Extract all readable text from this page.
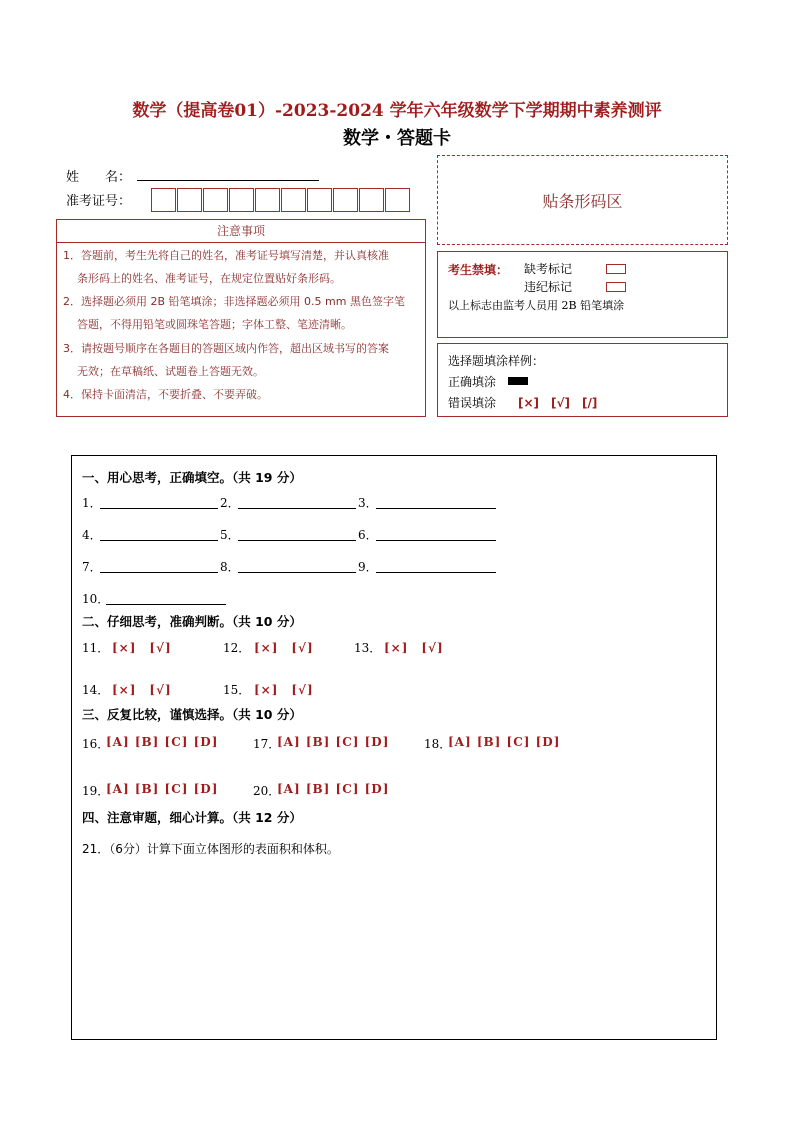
数学（提高卷01）-2023-2024 学年六年级数学下学期期中素养测评
数学・答题卡
姓　　名：
准考证号：	贴条形码区
注意事项
1．答题前，考生先将自己的姓名，准考证号填写清楚，并认真核准
条形码上的姓名、准考证号，在规定位置贴好条形码。
2．选择题必须用 2B 铅笔填涂；非选择题必须用 0.5 mm 黑色签字笔
答题，不得用铅笔或圆珠笔答题；字体工整、笔迹清晰。
3．请按题号顺序在各题目的答题区域内作答，超出区域书写的答案
无效；在草稿纸、试题卷上答题无效。
4．保持卡面清洁，不要折叠、不要弄破。
考生禁填： 缺考标记
违纪标记
以上标志由监考人员用 2B 铅笔填涂
选择题填涂样例：
正确填涂
错误填涂 [×]　[√]　[/]
一、用心思考，正确填空。（共 19 分）
1．	2．	3．
4．	5．	6．
7．	8．	9．
10．
二、仔细思考，准确判断。（共 10 分）
11． [×]　[√]	12． [×]　[√]	13． [×]　[√]
14． [×]　[√]	15． [×]　[√]
三、反复比较，谨慎选择。（共 10 分）
16．
[A] [B] [C] [D]	17．
[A] [B] [C] [D]	18．
[A] [B] [C] [D]
19．
[A] [B] [C] [D]	20．
[A] [B] [C] [D]
四、注意审题，细心计算。（共 12 分）
21．（6分）计算下面立体图形的表面积和体积。
